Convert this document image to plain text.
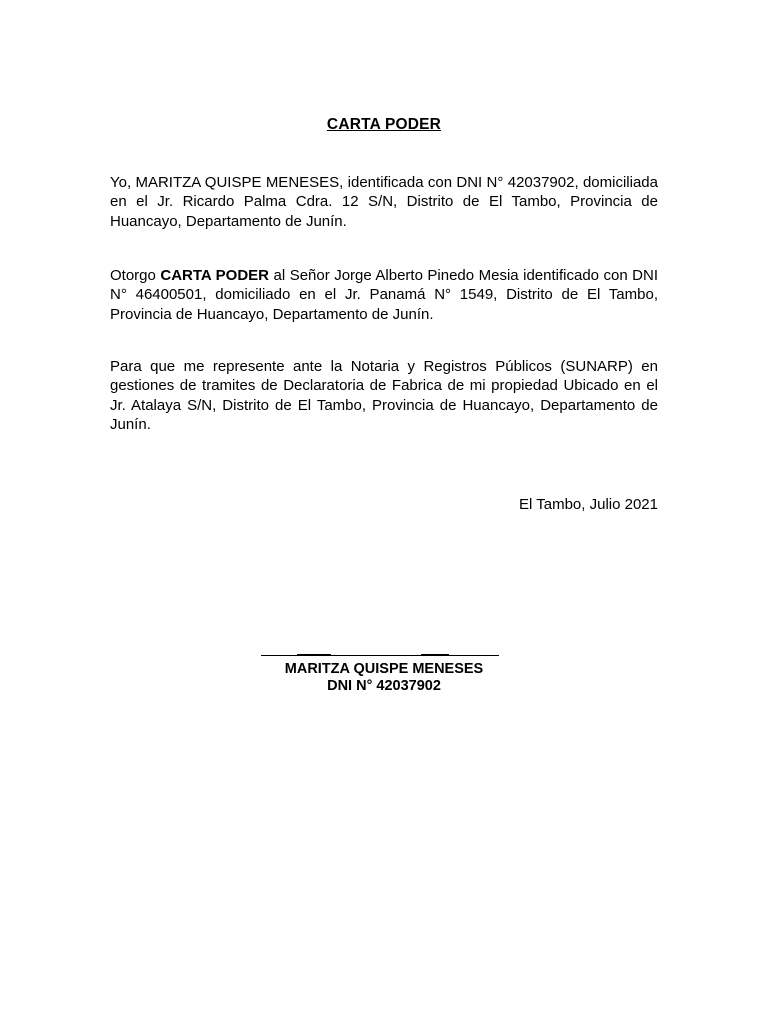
CARTA PODER

Yo, MARITZA QUISPE MENESES, identificada con DNI N° 42037902, domiciliada en el Jr. Ricardo Palma Cdra. 12 S/N, Distrito de El Tambo, Provincia de Huancayo, Departamento de Junín.

Otorgo CARTA PODER al Señor Jorge Alberto Pinedo Mesia identificado con DNI N° 46400501, domiciliado en el Jr. Panamá N° 1549, Distrito de El Tambo, Provincia de Huancayo, Departamento de Junín.

Para que me represente ante la Notaria y Registros Públicos (SUNARP) en gestiones de tramites de Declaratoria de Fabrica de mi propiedad Ubicado en el Jr. Atalaya S/N, Distrito de El Tambo, Provincia de Huancayo, Departamento de Junín.

El Tambo, Julio 2021
MARITZA QUISPE MENESES
DNI N° 42037902
